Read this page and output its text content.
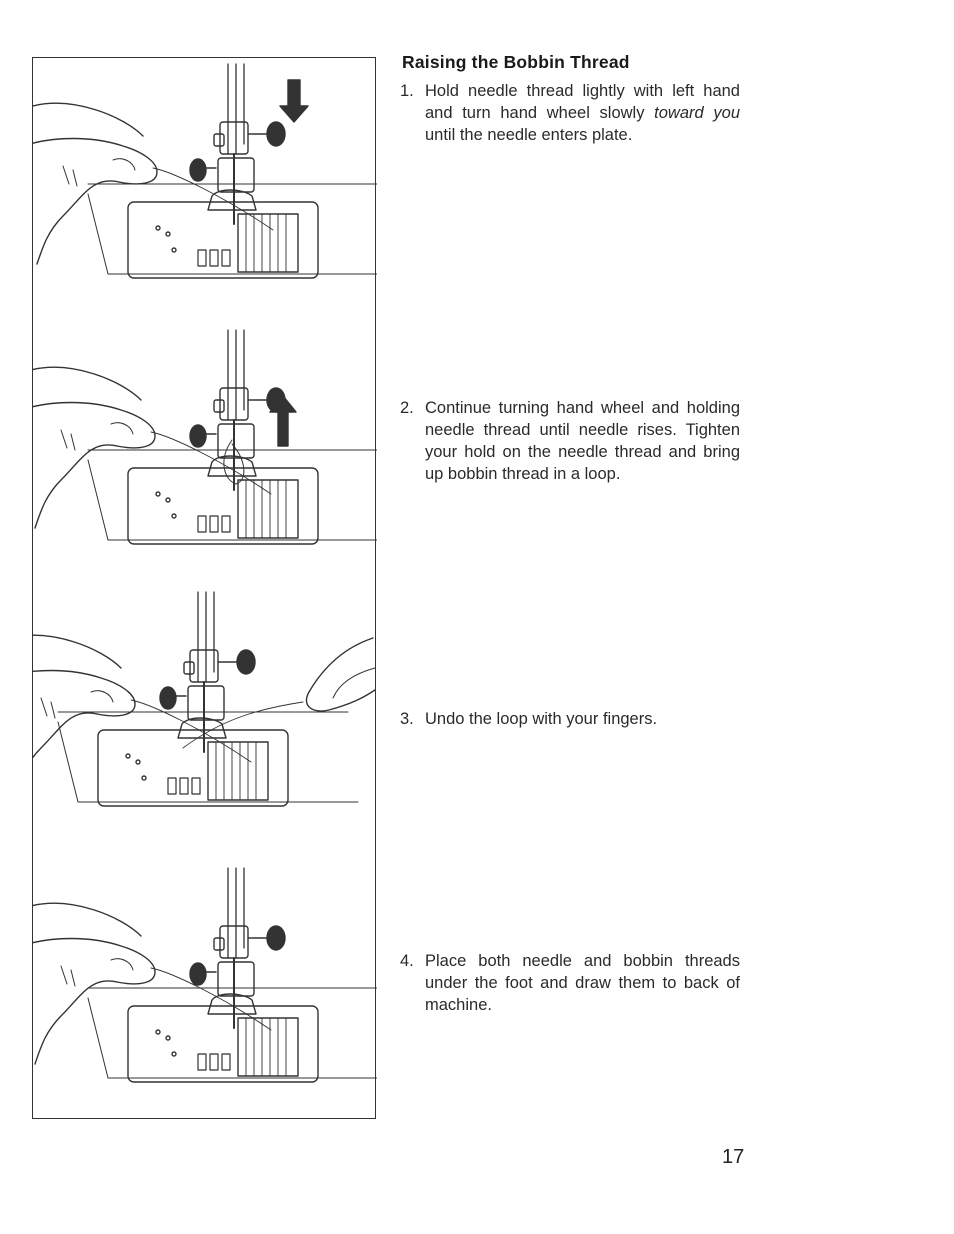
Raising the Bobbin Thread
1. Hold needle thread lightly with left hand and turn hand wheel slowly toward you until the needle enters plate.
2. Continue turning hand wheel and holding needle thread until needle rises. Tighten your hold on the needle thread and bring up bobbin thread in a loop.
3. Undo the loop with your fingers.
4. Place both needle and bobbin threads under the foot and draw them to back of machine.
17
